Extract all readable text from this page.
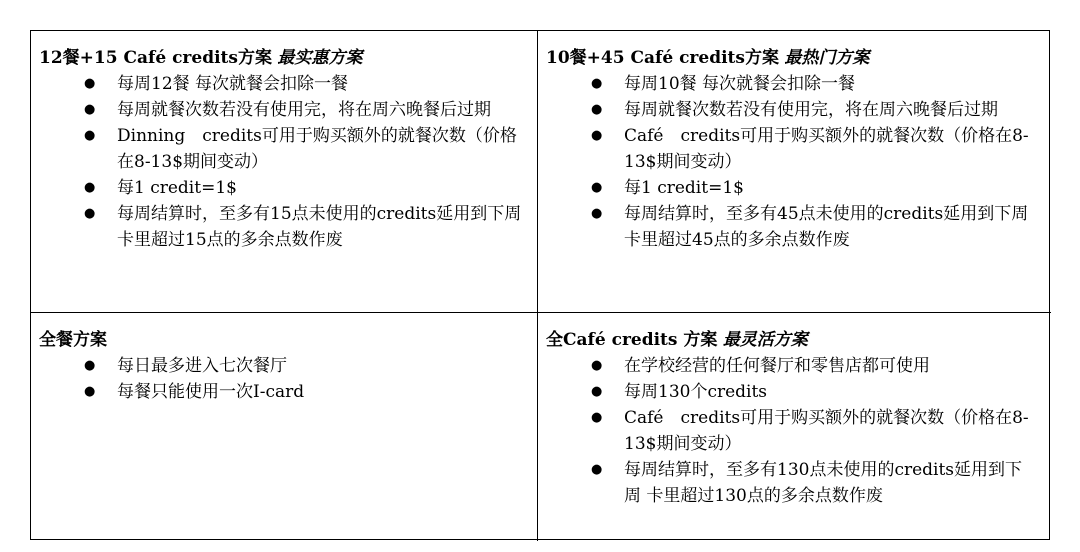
12餐+15 Café credits方案 最实惠方案
● 每周12餐 每次就餐会扣除一餐
● 每周就餐次数若没有使用完，将在周六晚餐后过期
● Dinning　credits可用于购买额外的就餐次数（价格在8-13$期间变动）
● 每1 credit=1$
● 每周结算时，至多有15点未使用的credits延用到下周 卡里超过15点的多余点数作废
10餐+45 Café credits方案 最热门方案
● 每周10餐 每次就餐会扣除一餐
● 每周就餐次数若没有使用完，将在周六晚餐后过期
● Café　credits可用于购买额外的就餐次数（价格在8-13$期间变动）
● 每1 credit=1$
● 每周结算时，至多有45点未使用的credits延用到下周 卡里超过45点的多余点数作废
全餐方案
● 每日最多进入七次餐厅
● 每餐只能使用一次I-card
全Café credits 方案 最灵活方案
● 在学校经营的任何餐厅和零售店都可使用
● 每周130个credits
● Café　credits可用于购买额外的就餐次数（价格在8-13$期间变动）
● 每周结算时，至多有130点未使用的credits延用到下周 卡里超过130点的多余点数作废
